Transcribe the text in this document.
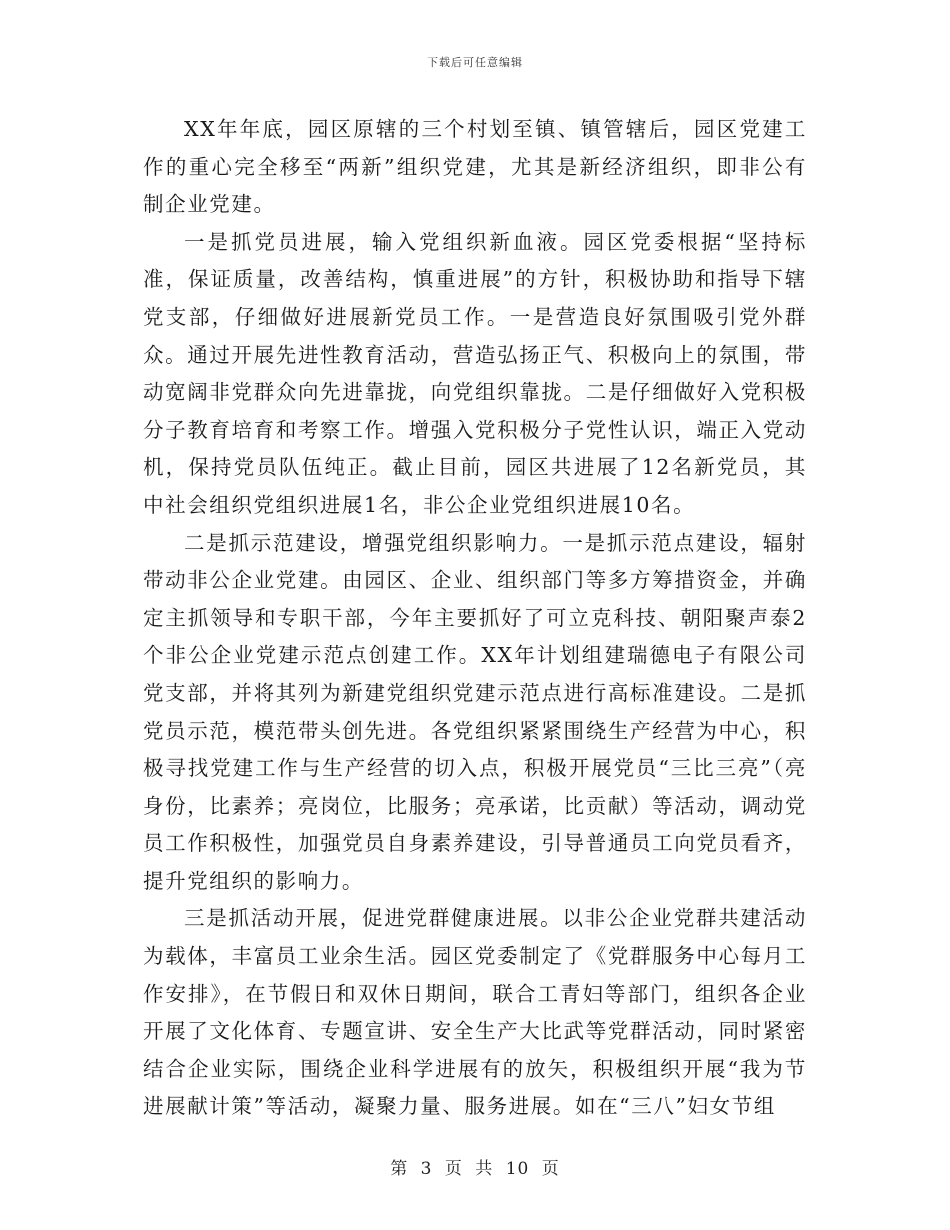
下载后可任意编辑

XX年年底，园区原辖的三个村划至镇、镇管辖后，园区党建工作的重心完全移至“两新”组织党建，尤其是新经济组织，即非公有制企业党建。

一是抓党员进展，输入党组织新血液。园区党委根据“坚持标准，保证质量，改善结构，慎重进展”的方针，积极协助和指导下辖党支部，仔细做好进展新党员工作。一是营造良好氛围吸引党外群众。通过开展先进性教育活动，营造弘扬正气、积极向上的氛围，带动宽阔非党群众向先进靠拢，向党组织靠拢。二是仔细做好入党积极分子教育培育和考察工作。增强入党积极分子党性认识，端正入党动机，保持党员队伍纯正。截止目前，园区共进展了12名新党员，其中社会组织党组织进展1名，非公企业党组织进展10名。

二是抓示范建设，增强党组织影响力。一是抓示范点建设，辐射带动非公企业党建。由园区、企业、组织部门等多方筹措资金，并确定主抓领导和专职干部，今年主要抓好了可立克科技、朝阳聚声泰2个非公企业党建示范点创建工作。XX年计划组建瑞德电子有限公司党支部，并将其列为新建党组织党建示范点进行高标准建设。二是抓党员示范，模范带头创先进。各党组织紧紧围绕生产经营为中心，积极寻找党建工作与生产经营的切入点，积极开展党员“三比三亮”（亮身份，比素养；亮岗位，比服务；亮承诺，比贡献）等活动，调动党员工作积极性，加强党员自身素养建设，引导普通员工向党员看齐，提升党组织的影响力。

三是抓活动开展，促进党群健康进展。以非公企业党群共建活动为载体，丰富员工业余生活。园区党委制定了《党群服务中心每月工作安排》，在节假日和双休日期间，联合工青妇等部门，组织各企业开展了文化体育、专题宣讲、安全生产大比武等党群活动，同时紧密结合企业实际，围绕企业科学进展有的放矢，积极组织开展“我为节进展献计策”等活动，凝聚力量、服务进展。如在“三八”妇女节组

第 3 页 共 10 页
